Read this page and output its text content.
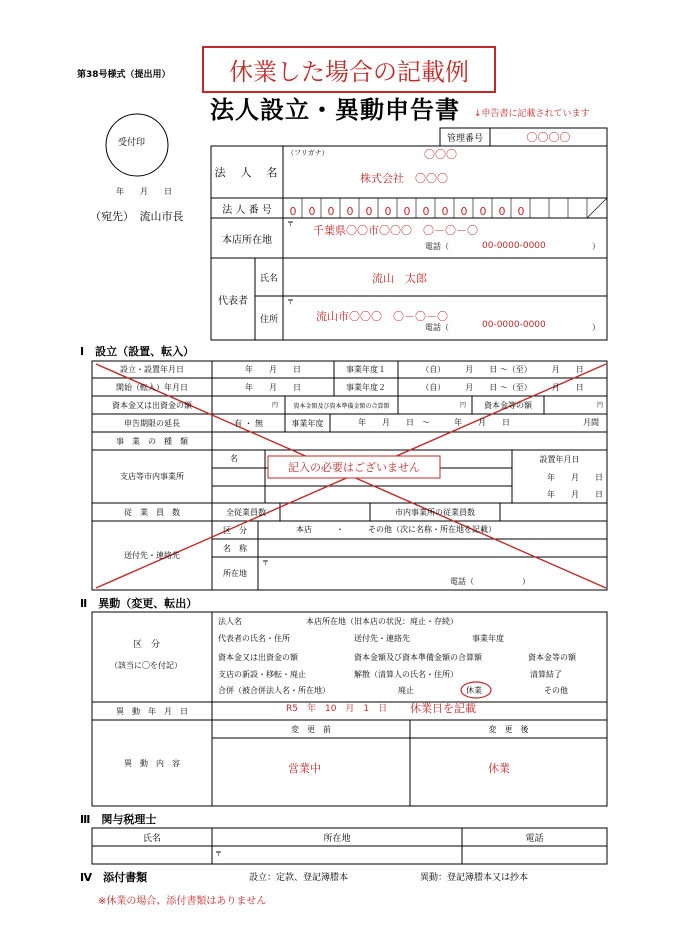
第38号様式（提出用）	休業した場合の記載例
法人設立・異動申告書 ↓申告書に記載されています
受付印
年　　月　　日
（宛先）　流山市長
管理番号	〇〇〇〇
法　人　名
（フリガナ）	〇〇〇
株式会社　〇〇〇
法 人 番 号	0	0	0	0	0	0	0	0	0	0	0	0	0
本店所在地
〒 千葉県〇〇市〇〇〇　〇－〇－〇
電話（	00-0000-0000	）
代表者
氏名	流山　太郎
住所
〒
流山市〇〇〇　〇－〇－〇
電話（	00-0000-0000	）
Ⅰ　設立（設置、転入）
設立・設置年月日	年　　月　　日	事業年度１	（自）　　　月　　日 ～（至）　　　月　　日
開始（転入）年月日	年　　月　　日	事業年度２	（自）　　　月　　日 ～（至）　　　月　　日
資本金又は出資金の額	円	資本金額及び資本準備金額の合算額	円	資本金等の額	円
申告期限の延長	有 ・ 無	事業年度	年　　月　　日　～　　　年　　月　　日	月間
事　業　の　種　類
支店等市内事業所
名	設置年月日
年　　月　　日
年　　月　　日
従　業　員　数	全従業員数	市内事業所の従業員数
送付先・連絡先
区　分	本店　　　・　　　その他（次に名称・所在地を記載）
名　称
〒
所在地
電話（　　　　　　）
記入の必要はございません
Ⅱ　異動（変更、転出）
区　分
（該当に〇を付記）
法人名	本店所在地（旧本店の状況：廃止・存続）
代表者の氏名・住所	送付先・連絡先	事業年度
資本金又は出資金の額	資本金額及び資本準備金額の合算額	資本金等の額
支店の新設・移転・廃止	解散（清算人の氏名・住所）	清算結了
合併（被合併法人名・所在地）	廃止	休業	その他
異　動　年　月　日	R5　年　10　月　1　日 休業日を記載
変　更　前	変　更　後
異　動　内　容	営業中	休業
Ⅲ　関与税理士
氏名	所在地	電話
〒
Ⅳ　添付書類	設立：定款、登記簿謄本	異動：登記簿謄本又は抄本
※休業の場合、添付書類はありません
